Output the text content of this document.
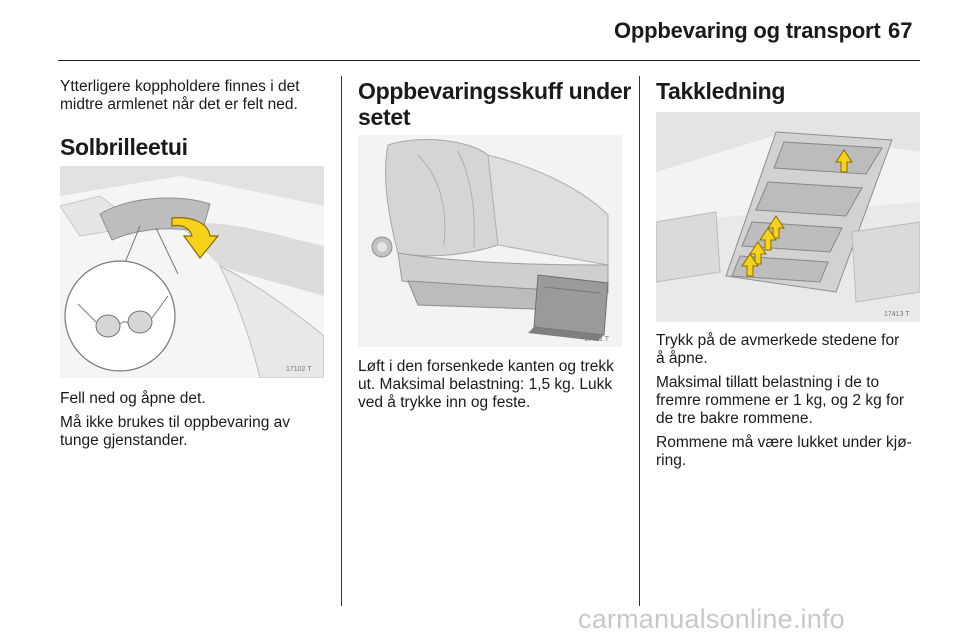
Oppbevaring og transport 67

Ytterligere koppholdere finnes i det
midtre armlenet når det er felt ned.

Solbrilleetui
17102 T

Fell ned og åpne det.

Må ikke brukes til oppbevaring av
tunge gjenstander.

Oppbevaringsskuff under
setet
17411 T

Løft i den forsenkede kanten og trekk
ut. Maksimal belastning: 1,5 kg. Lukk
ved å trykke inn og feste.

Takkledning
17413 T

Trykk på de avmerkede stedene for
å åpne.

Maksimal tillatt belastning i de to
fremre rommene er 1 kg, og 2 kg for
de tre bakre rommene.

Rommene må være lukket under kjø-
ring.

carmanualsonline.info
